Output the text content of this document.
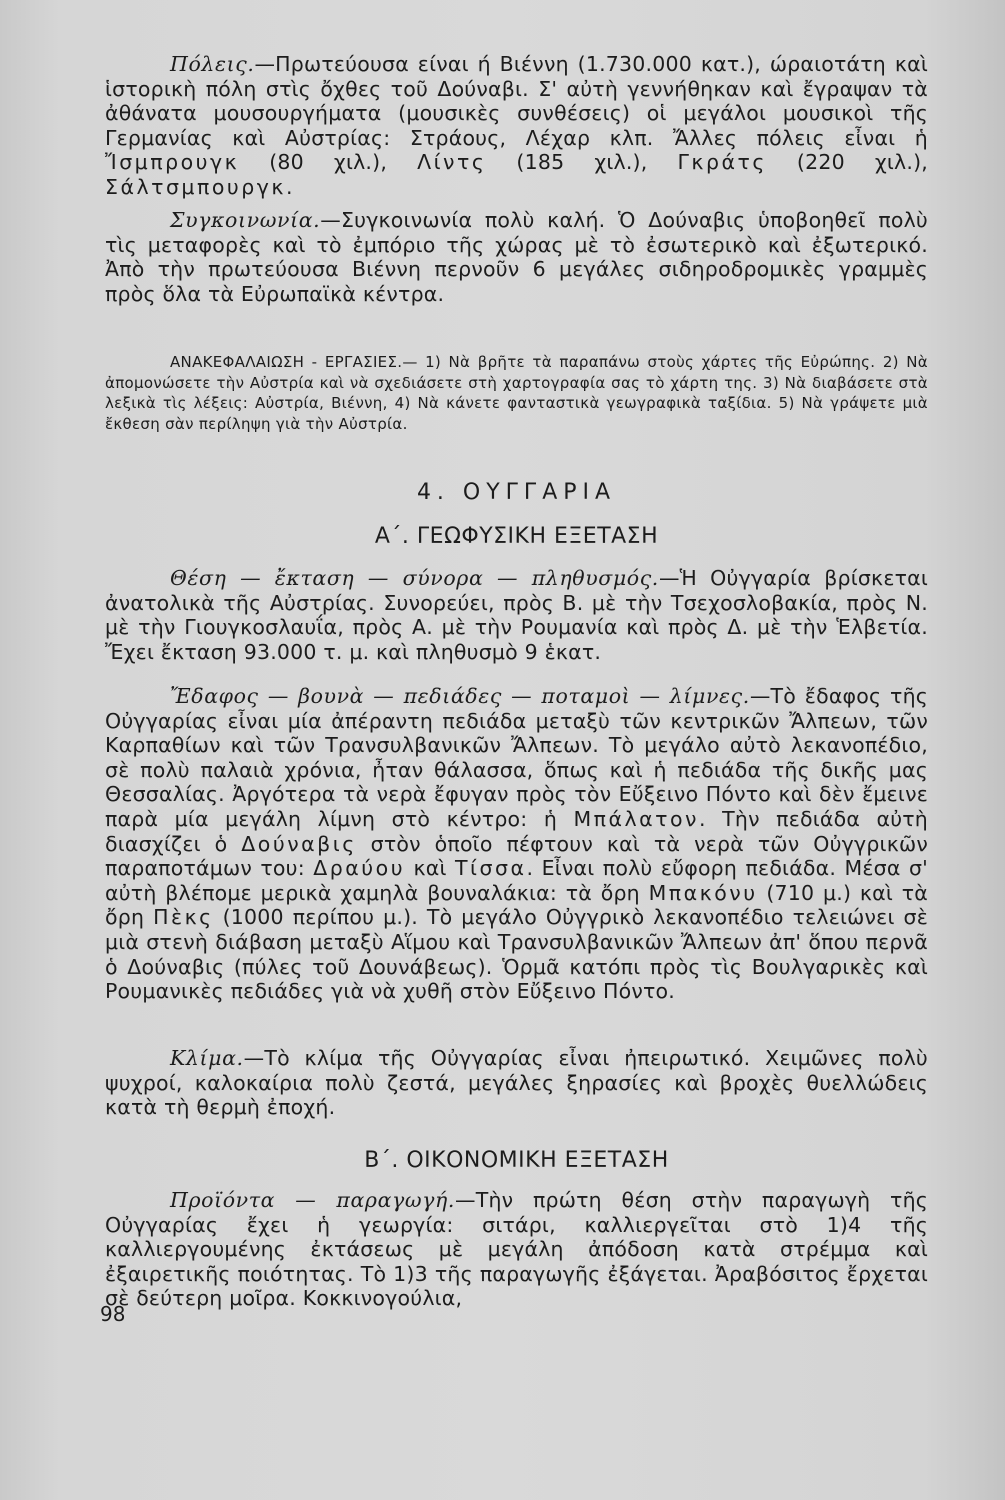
Πόλεις.—Πρωτεύουσα είναι ή Βιέννη (1.730.000 κατ.), ώραιοτάτη καὶ ἱστορικὴ πόλη στὶς ὄχθες τοῦ Δούναβι. Σ' αὐτὴ γεννήθηκαν καὶ ἔγραψαν τὰ ἀθάνατα μουσουργήματα (μουσικὲς συνθέσεις) οἱ μεγάλοι μουσικοὶ τῆς Γερμανίας καὶ Αὐστρίας: Στράους, Λέχαρ κλπ. Ἄλλες πόλεις εἶναι ἡ Ἴσμπρουγκ (80 χιλ.), Λίντς (185 χιλ.), Γκράτς (220 χιλ.), Σάλτσμπουργκ.

Συγκοινωνία.—Συγκοινωνία πολὺ καλή. Ὁ Δούναβις ὑποβοηθεῖ πολὺ τὶς μεταφορὲς καὶ τὸ ἐμπόριο τῆς χώρας μὲ τὸ ἐσωτερικὸ καὶ ἐξωτερικό. Ἀπὸ τὴν πρωτεύουσα Βιέννη περνοῦν 6 μεγάλες σιδηροδρομικὲς γραμμὲς πρὸς ὅλα τὰ Εὐρωπαϊκὰ κέντρα.

ΑΝΑΚΕΦΑΛΑΙΩΣΗ - ΕΡΓΑΣΙΕΣ.— 1) Νὰ βρῆτε τὰ παραπάνω στοὺς χάρτες τῆς Εὐρώπης. 2) Νὰ ἀπομονώσετε τὴν Αὐστρία καὶ νὰ σχεδιάσετε στὴ χαρτογραφία σας τὸ χάρτη της. 3) Νὰ διαβάσετε στὰ λεξικὰ τὶς λέξεις: Αὐστρία, Βιέννη, 4) Νὰ κάνετε φανταστικὰ γεωγραφικὰ ταξίδια. 5) Νὰ γράψετε μιὰ ἔκθεση σὰν περίληψη γιὰ τὴν Αὐστρία.

4. ΟΥΓΓΑΡΙΑ
Α΄. ΓΕΩΦΥΣΙΚΗ ΕΞΕΤΑΣΗ

Θέση — ἔκταση — σύνορα — πληθυσμός.—Ἡ Οὐγγαρία βρίσκεται ἀνατολικὰ τῆς Αὐστρίας. Συνορεύει, πρὸς Β. μὲ τὴν Τσεχοσλοβακία, πρὸς Ν. μὲ τὴν Γιουγκοσλαυΐα, πρὸς Α. μὲ τὴν Ρουμανία καὶ πρὸς Δ. μὲ τὴν Ἑλβετία. Ἔχει ἔκταση 93.000 τ. μ. καὶ πληθυσμὸ 9 ἑκατ.

Ἔδαφος — βουνὰ — πεδιάδες — ποταμοὶ — λίμνες.—Τὸ ἔδαφος τῆς Οὐγγαρίας εἶναι μία ἀπέραντη πεδιάδα μεταξὺ τῶν κεντρικῶν Ἄλπεων, τῶν Καρπαθίων καὶ τῶν Τρανσυλβανικῶν Ἄλπεων. Τὸ μεγάλο αὐτὸ λεκανοπέδιο, σὲ πολὺ παλαιὰ χρόνια, ἦταν θάλασσα, ὅπως καὶ ἡ πεδιάδα τῆς δικῆς μας Θεσσαλίας. Ἀργότερα τὰ νερὰ ἔφυγαν πρὸς τὸν Εὔξεινο Πόντο καὶ δὲν ἔμεινε παρὰ μία μεγάλη λίμνη στὸ κέντρο: ἡ Μπάλατον. Τὴν πεδιάδα αὐτὴ διασχίζει ὁ Δούναβις στὸν ὁποῖο πέφτουν καὶ τὰ νερὰ τῶν Οὐγγρικῶν παραποτάμων του: Δραύου καὶ Τίσσα. Εἶναι πολὺ εὔφορη πεδιάδα. Μέσα σ' αὐτὴ βλέπομε μερικὰ χαμηλὰ βουναλάκια: τὰ ὄρη Μπακόνυ (710 μ.) καὶ τὰ ὄρη Πὲκς (1000 περίπου μ.). Τὸ μεγάλο Οὐγγρικὸ λεκανοπέδιο τελειώνει σὲ μιὰ στενὴ διάβαση μεταξὺ Αἵμου καὶ Τρανσυλβανικῶν Ἄλπεων ἀπ' ὅπου περνᾶ ὁ Δούναβις (πύλες τοῦ Δουνάβεως). Ὁρμᾶ κατόπι πρὸς τὶς Βουλγαρικὲς καὶ Ρουμανικὲς πεδιάδες γιὰ νὰ χυθῆ στὸν Εὔξεινο Πόντο.

Κλίμα.—Τὸ κλίμα τῆς Οὐγγαρίας εἶναι ἠπειρωτικό. Χειμῶνες πολὺ ψυχροί, καλοκαίρια πολὺ ζεστά, μεγάλες ξηρασίες καὶ βροχὲς θυελλώδεις κατὰ τὴ θερμὴ ἐποχή.

Β΄. ΟΙΚΟΝΟΜΙΚΗ ΕΞΕΤΑΣΗ

Προϊόντα — παραγωγή.—Τὴν πρώτη θέση στὴν παραγωγὴ τῆς Οὐγγαρίας ἔχει ἡ γεωργία: σιτάρι, καλλιεργεῖται στὸ 1)4 τῆς καλλιεργουμένης ἐκτάσεως μὲ μεγάλη ἀπόδοση κατὰ στρέμμα καὶ ἐξαιρετικῆς ποιότητας. Τὸ 1)3 τῆς παραγωγῆς ἐξάγεται. Ἀραβόσιτος ἔρχεται σὲ δεύτερη μοῖρα. Κοκκινογούλια,

98
